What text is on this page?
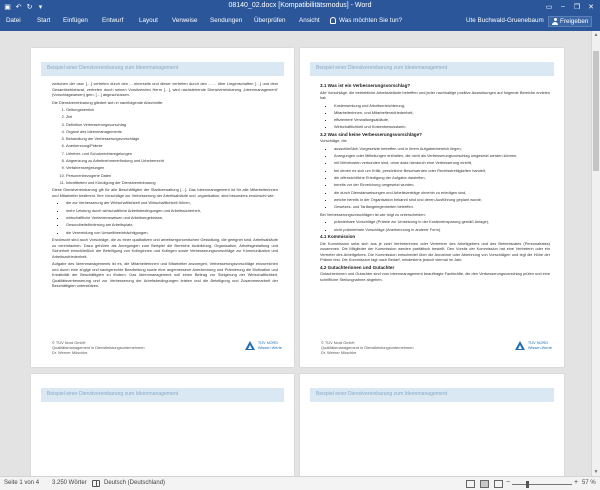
▣ ↶ ↻ ▾	08140_02.docx [Kompatibilitätsmodus] - Word	▭	–	❐	✕
Datei	Start Einfügen Entwurf Layout Verweise Sendungen Überprüfen Ansicht	Was möchten Sie tun?	Ute Buchwald-Gruenebaum	Freigeben
Beispiel einer Dienstvereinbarung zum Ideenmanagement

zwischen der usw. […] vertreten durch den ... einerseits und dieser vertreten durch den ... ... über Liegenschaften […] und dem Gesamtbetriebsrat, vertreten durch seinen Vorsitzenden Herrn […], wird nachstehende Dienstvereinbarung „Ideenmanagement“ (Vorschlagswesen) gem. […] abgeschlossen.

Die Dienstvereinbarung gliedert sich in nachfolgende Abschnitte:

1. Geltungsbereich
2. Ziel
3. Definition Verbesserungsvorschlag
4. Organe des Ideenmanagements
5. Behandlung der Verbesserungsvorschläge
6. Anerkennung/Prämie
7. Urheber- und Schutzrechtsregelungen
8. Abgrenzung zu Arbeitnehmererfindung und Urheberrecht
9. Verfahrensregelungen
10. Personenbezogene Daten
11. Inkrafttreten und Kündigung der Dienstvereinbarung

Diese Dienstvereinbarung gilt für alle Beschäftigten der Stadtverwaltung […]. Das Ideenmanagement ist für alle Mitarbeiterinnen und Mitarbeiter bestimmt. Ihre Vorschläge zur Verbesserung der Arbeitsabläufe und -organisation, sind besonders erwünscht wie:

▪ die zur Verbesserung der Wirtschaftlichkeit und Wirtschaftlichkeit führen,
▪ mehr Leistung durch wirtschaftliche Arbeitsbedingungen und Arbeitssicherheit,
▪ wirtschaftliche Verfahrensweisen und Arbeitsergebnisse,
▪ Gesundheitsförderung am Arbeitsplatz,
▪ die Vermeidung von Umweltbeeinträchtigungen.

Erwünscht sind auch Vorschläge, die zu einer qualitativen und arbeitsergonomischen Gestaltung, die geeignet sind, Arbeitsabläufe zu vereinfachen. Dazu gehören als Anregungen zum Beispiel die Bereiche Ausbildung, Organisation, Arbeitsgestaltung und Sicherheit einschließlich der Beteiligung von Kolleginnen und Kollegen sowie Verbesserungsvorschläge zur Kommunikation und Arbeitszufriedenheit.

Aufgabe des Ideenmanagements ist es, die Mitarbeiterinnen und Mitarbeiter anzuregen, Verbesserungsvorschläge einzureichen und durch eine zügige und sachgerechte Bearbeitung sowie eine angemessene Anerkennung und Prämierung die Motivation und Kreativität der Beschäftigten zu fördern. Das Ideenmanagement soll einen Beitrag zur Steigerung der Wirtschaftlichkeit, Qualitätsverbesserung und zur Verbesserung der Arbeitsbedingungen leisten und die Beteiligung und Zusammenarbeit der Beschäftigten unterstützen.

© TÜV Nord GmbH
Qualitätsmanagement in Dienstleistungsunternehmen
Dr. Werner Möschke
TÜV NORD
Wissen.Werte
Beispiel einer Dienstvereinbarung zum Ideenmanagement
3.1 Was ist ein Verbesserungsvorschlag?

Alle Vorschläge, die betriebliche Arbeitsabläufe betreffen und jeder nachhaltige positive Auswirkungen auf folgende Bereiche erzielen hat:

▪ Kostensenkung und Arbeitserleichterung,
▪ Mitarbeiterinnen- und Mitarbeiterzufriedenheit,
▪ effizientere Verwaltungsabläufe,
▪ Wirtschaftlichkeit und Kostenbewusstsein.
3.2 Was sind keine Verbesserungsvorschläge?

Vorschläge, die

▪ ausschließlich Vorgesetzte betreffen und in ihrem Aufgabenbereich liegen,
▪ Anregungen oder Mitteilungen enthalten, die nicht als Verbesserungsvorschlag umgesetzt werden können,
▪ mit Mehrkosten verbunden sind, ohne dass hierdurch eine Verbesserung eintritt,
▪ bei denen es sich um Kritik, persönliche Beschwerden oder Rechtsstreitigkeiten handelt,
▪ die offensichtliche Erledigung der Aufgabe darstellen,
▪ bereits vor der Einreichung umgesetzt wurden,
▪ die durch Dienstanweisungen und Arbeitsverträge ohnehin zu erledigen sind,
▪ welche bereits in der Organisation bekannt sind und deren Ausführung geplant wurde,
▪ Gesetzes- und Tarifangelegenheiten betreffen.

Bei Verbesserungsvorschlägen ist wie folgt zu unterscheiden:

▪ prämierbare Vorschläge (Prämie zur Umsetzung in der Kosteneinsparung gemäß Anlage),
▪ nicht prämierbare Vorschläge (Anerkennung in anderer Form).
4.1 Kommission

Die Kommission setzt sich aus je zwei Vertreterinnen oder Vertretern des Arbeitgebers und des Betriebsrates (Personalrates) zusammen. Die Mitglieder der Kommission werden paritätisch bestellt. Den Vorsitz der Kommission hat eine Vertreterin oder ein Vertreter des Arbeitgebers. Die Kommission entscheidet über die Annahme oder Ablehnung von Vorschlägen und legt die Höhe der Prämie fest. Die Kommission tagt nach Bedarf, mindestens jedoch viermal im Jahr.

4.2 Gutachterinnen und Gutachter

Gutachterinnen und Gutachter sind vom Ideenmanagement beauftragte Fachkräfte, die den Verbesserungsvorschlag prüfen und eine schriftliche Stellungnahme abgeben.

© TÜV Nord GmbH
Qualitätsmanagement in Dienstleistungsunternehmen
Dr. Werner Möschke
TÜV NORD
Wissen.Werte
Beispiel einer Dienstvereinbarung zum Ideenmanagement	Beispiel einer Dienstvereinbarung zum Ideenmanagement
▲
▼
Seite 1 von 4 3.250 Wörter	Deutsch (Deutschland)	−	+ 57 %
